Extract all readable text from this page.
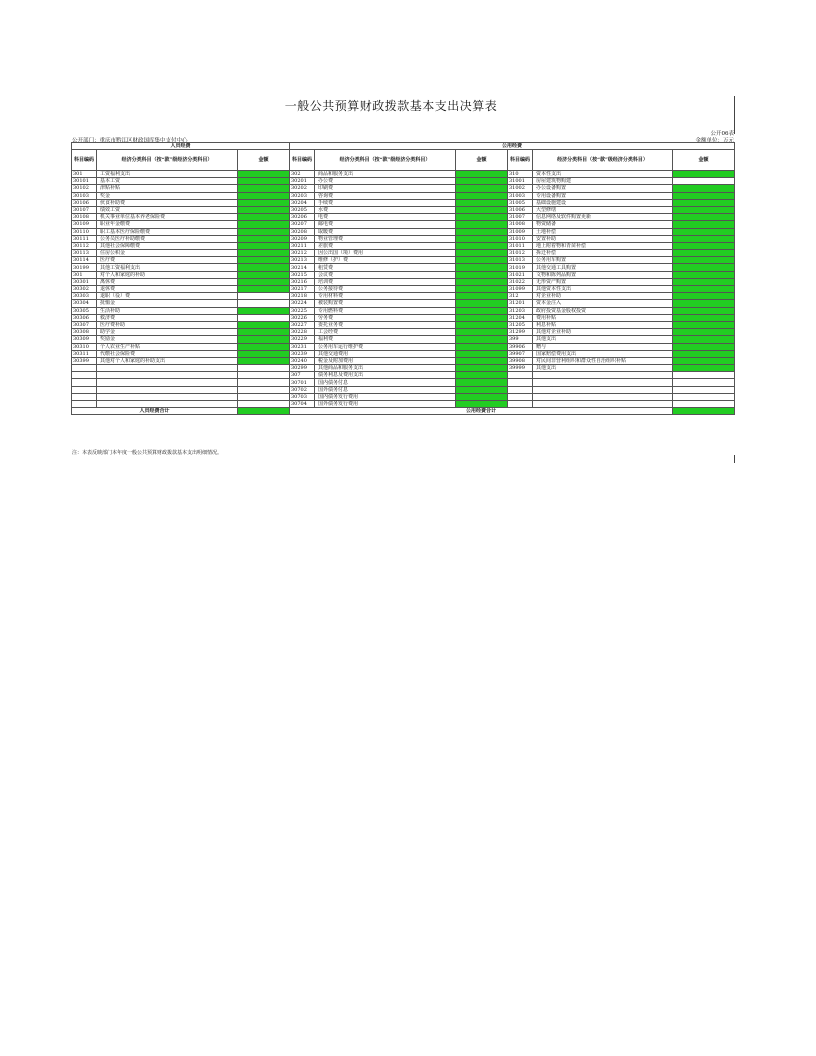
一般公共预算财政拨款基本支出决算表
公开06表
金额单位：万元
公开部门：重庆市黔江区财政国库集中支付中心
人员经费			公用经费					
科目编码	经济分类科目（按“款”级经济分类科目）	金额	科目编码	经济分类科目（按“款”级经济分类科目）	金额	科目编码	经济分类科目（按“款”级经济分类科目）	金额
301	工资福利支出		302	商品和服务支出		310	资本性支出	
30101	基本工资		30201	办公费		31001	房屋建筑物购建	
30102	津贴补贴		30202	印刷费		31002	办公设备购置	
30103	奖金		30203	咨询费		31003	专用设备购置	
30106	伙食补助费		30204	手续费		31005	基础设施建设	
30107	绩效工资		30205	水费		31006	大型修缮	
30108	机关事业单位基本养老保险费		30206	电费		31007	信息网络及软件购置更新	
30109	职业年金缴费		30207	邮电费		31008	物资储备	
30110	职工基本医疗保险缴费		30208	取暖费		31009	土地补偿	
30111	公务员医疗补助缴费		30209	物业管理费		31010	安置补助	
30112	其他社会保障缴费		30211	差旅费		31011	地上附着物和青苗补偿	
30113	住房公积金		30212	因公出国（境）费用		31012	拆迁补偿	
30114	医疗费		30213	维修（护）费		31013	公务用车购置	
30199	其他工资福利支出		30214	租赁费		31019	其他交通工具购置	
301	对个人和家庭的补助		30215	会议费		31021	文物和陈列品购置	
30301	离休费		30216	培训费		31022	无形资产购置	
30302	退休费		30217	公务接待费		31099	其他资本性支出	
30303	退职（役）费		30218	专用材料费		312	对企业补助	
30304	抚恤金		30224	被装购置费		31201	资本金注入	
30305	生活补助		30225	专用燃料费		31203	政府投资基金股权投资	
30306	救济费		30226	劳务费		31204	费用补贴	
30307	医疗费补助		30227	委托业务费		31205	利息补贴	
30308	助学金		30228	工会经费		31299	其他对企业补助	
30309	奖励金		30229	福利费		399	其他支出	
30310	个人农业生产补贴		30231	公务用车运行维护费		39906	赠与	
30311	代缴社会保险费		30239	其他交通费用		39907	国家赔偿费用支出	
30399	其他对个人和家庭的补助支出		30240	税金及附加费用		39908	对民间非营利组织和群众性自治组织补贴	
			30299	其他商品和服务支出		39999	其他支出	
			307	债务利息及费用支出				
			30701	国内债务付息				
			30702	国外债务付息				
			30703	国内债务发行费用				
			30704	国外债务发行费用				
人员经费合计			公用经费合计					
注：本表反映部门本年度一般公共预算财政拨款基本支出明细情况。
